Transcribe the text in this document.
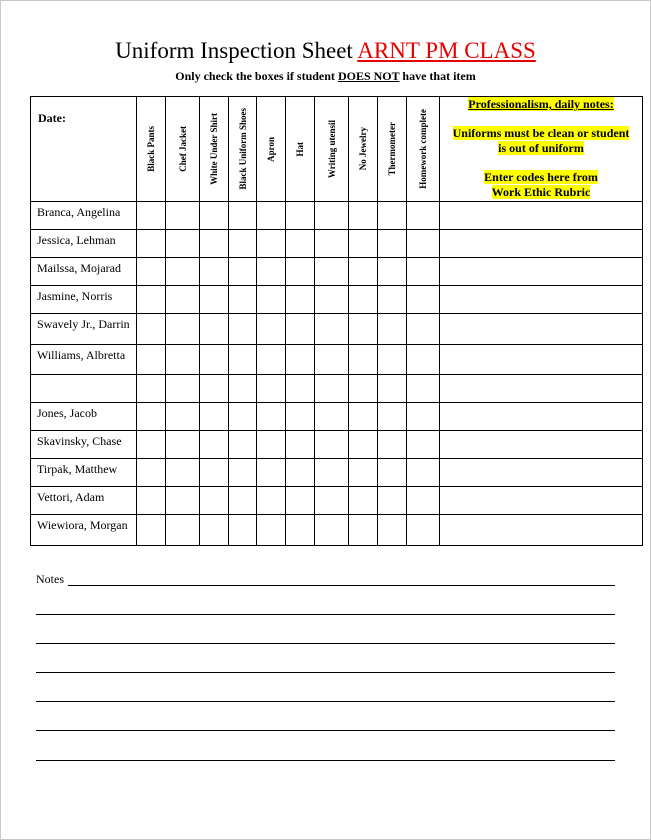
Uniform Inspection Sheet ARNT PM CLASS
Only check the boxes if student DOES NOT have that item
Date:	Black Pants	Chef Jacket	White Under Shirt	Black Uniform Shoes	Apron	Hat	Writing utensil	No Jewelry	Thermometer	Homework complete	Professionalism, daily notes:

Uniforms must be clean or student

is out of uniform

Enter codes here from

Work Ethic Rubric

Branca, Angelina											
Jessica, Lehman											
Mailssa, Mojarad											
Jasmine, Norris											
Swavely Jr., Darrin											
Williams, Albretta											

Jones, Jacob											
Skavinsky, Chase											
Tirpak, Matthew											
Vettori, Adam											
Wiewiora, Morgan											
Notes
